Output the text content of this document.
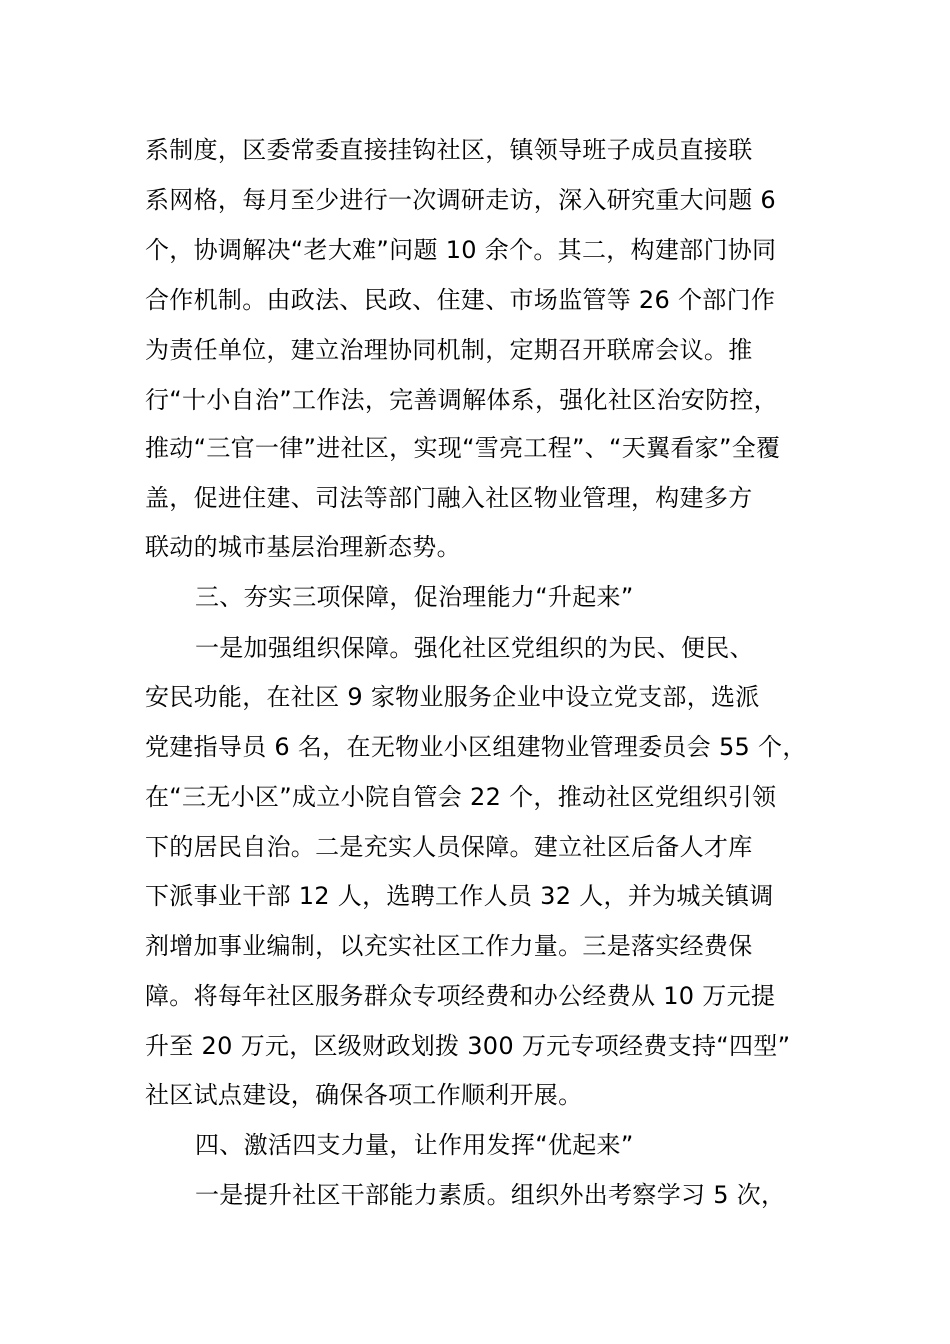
系制度，区委常委直接挂钩社区，镇领导班子成员直接联
系网格，每月至少进行一次调研走访，深入研究重大问题 6
个，协调解决“老大难”问题 10 余个。其二，构建部门协同
合作机制。由政法、民政、住建、市场监管等 26 个部门作
为责任单位，建立治理协同机制，定期召开联席会议。推
行“十小自治”工作法，完善调解体系，强化社区治安防控，
推动“三官一律”进社区，实现“雪亮工程”、“天翼看家”全覆
盖，促进住建、司法等部门融入社区物业管理，构建多方
联动的城市基层治理新态势。
三、夯实三项保障，促治理能力“升起来”
一是加强组织保障。强化社区党组织的为民、便民、
安民功能，在社区 9 家物业服务企业中设立党支部，选派
党建指导员 6 名，在无物业小区组建物业管理委员会 55 个，
在“三无小区”成立小院自管会 22 个，推动社区党组织引领
下的居民自治。二是充实人员保障。建立社区后备人才库
下派事业干部 12 人，选聘工作人员 32 人，并为城关镇调
剂增加事业编制，以充实社区工作力量。三是落实经费保
障。将每年社区服务群众专项经费和办公经费从 10 万元提
升至 20 万元，区级财政划拨 300 万元专项经费支持“四型”
社区试点建设，确保各项工作顺利开展。
四、激活四支力量，让作用发挥“优起来”
一是提升社区干部能力素质。组织外出考察学习 5 次，
